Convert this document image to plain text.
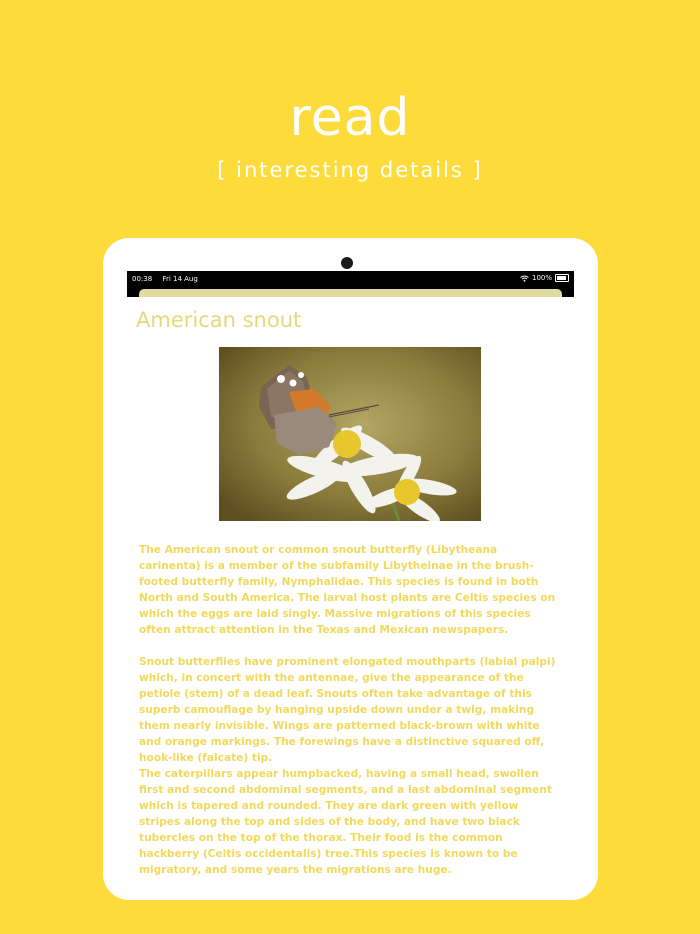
read
[ interesting details ]
00:38 Fri 14 Aug	100%
American snout

The American snout or common snout butterfly (Libytheana carinenta) is a member of the subfamily Libytheinae in the brush-footed butterfly family, Nymphalidae. This species is found in both North and South America. The larval host plants are Celtis species on which the eggs are laid singly. Massive migrations of this species often attract attention in the Texas and Mexican newspapers.

Snout butterflies have prominent elongated mouthparts (labial palpi) which, in concert with the antennae, give the appearance of the petiole (stem) of a dead leaf. Snouts often take advantage of this superb camouflage by hanging upside down under a twig, making them nearly invisible. Wings are patterned black-brown with white and orange markings. The forewings have a distinctive squared off, hook-like (falcate) tip.

The caterpillars appear humpbacked, having a small head, swollen first and second abdominal segments, and a last abdominal segment which is tapered and rounded. They are dark green with yellow stripes along the top and sides of the body, and have two black tubercles on the top of the thorax. Their food is the common hackberry (Celtis occidentalis) tree.This species is known to be migratory, and some years the migrations are huge.
